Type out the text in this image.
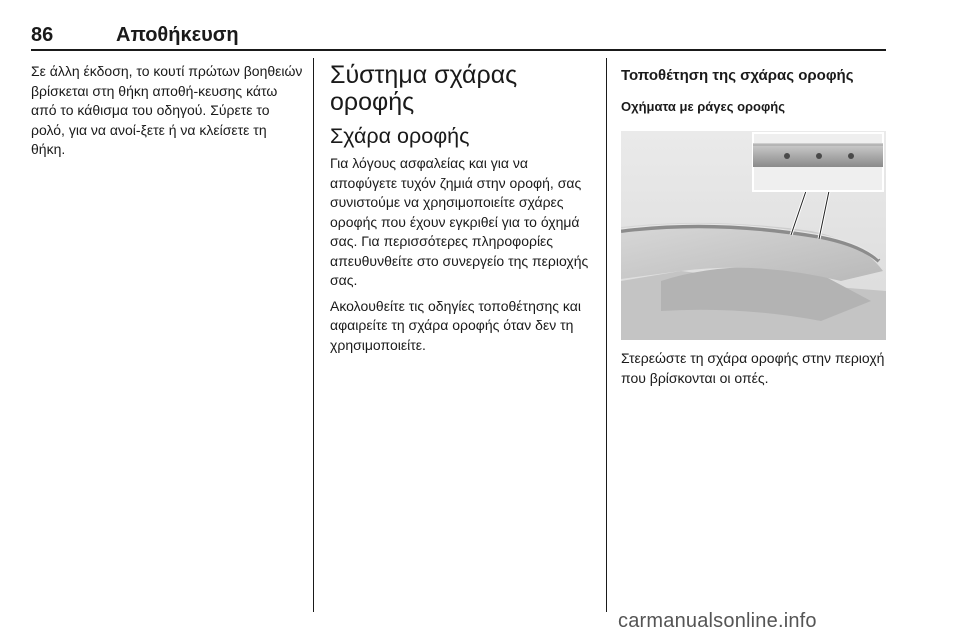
86	Αποθήκευση

Σε άλλη έκδοση, το κουτί πρώτων βοηθειών βρίσκεται στη θήκη αποθή-κευσης κάτω από το κάθισμα του οδηγού. Σύρετε το ρολό, για να ανοί-ξετε ή να κλείσετε τη θήκη.

Σύστημα σχάρας οροφής
Σχάρα οροφής

Για λόγους ασφαλείας και για να αποφύγετε τυχόν ζημιά στην οροφή, σας συνιστούμε να χρησιμοποιείτε σχάρες οροφής που έχουν εγκριθεί για το όχημά σας. Για περισσότερες πληροφορίες απευθυνθείτε στο συνεργείο της περιοχής σας.

Ακολουθείτε τις οδηγίες τοποθέτησης και αφαιρείτε τη σχάρα οροφής όταν δεν τη χρησιμοποιείτε.

Τοποθέτηση της σχάρας οροφής
Οχήματα με ράγες οροφής
Στερεώστε τη σχάρα οροφής στην περιοχή που βρίσκονται οι οπές.
carmanualsonline.info
